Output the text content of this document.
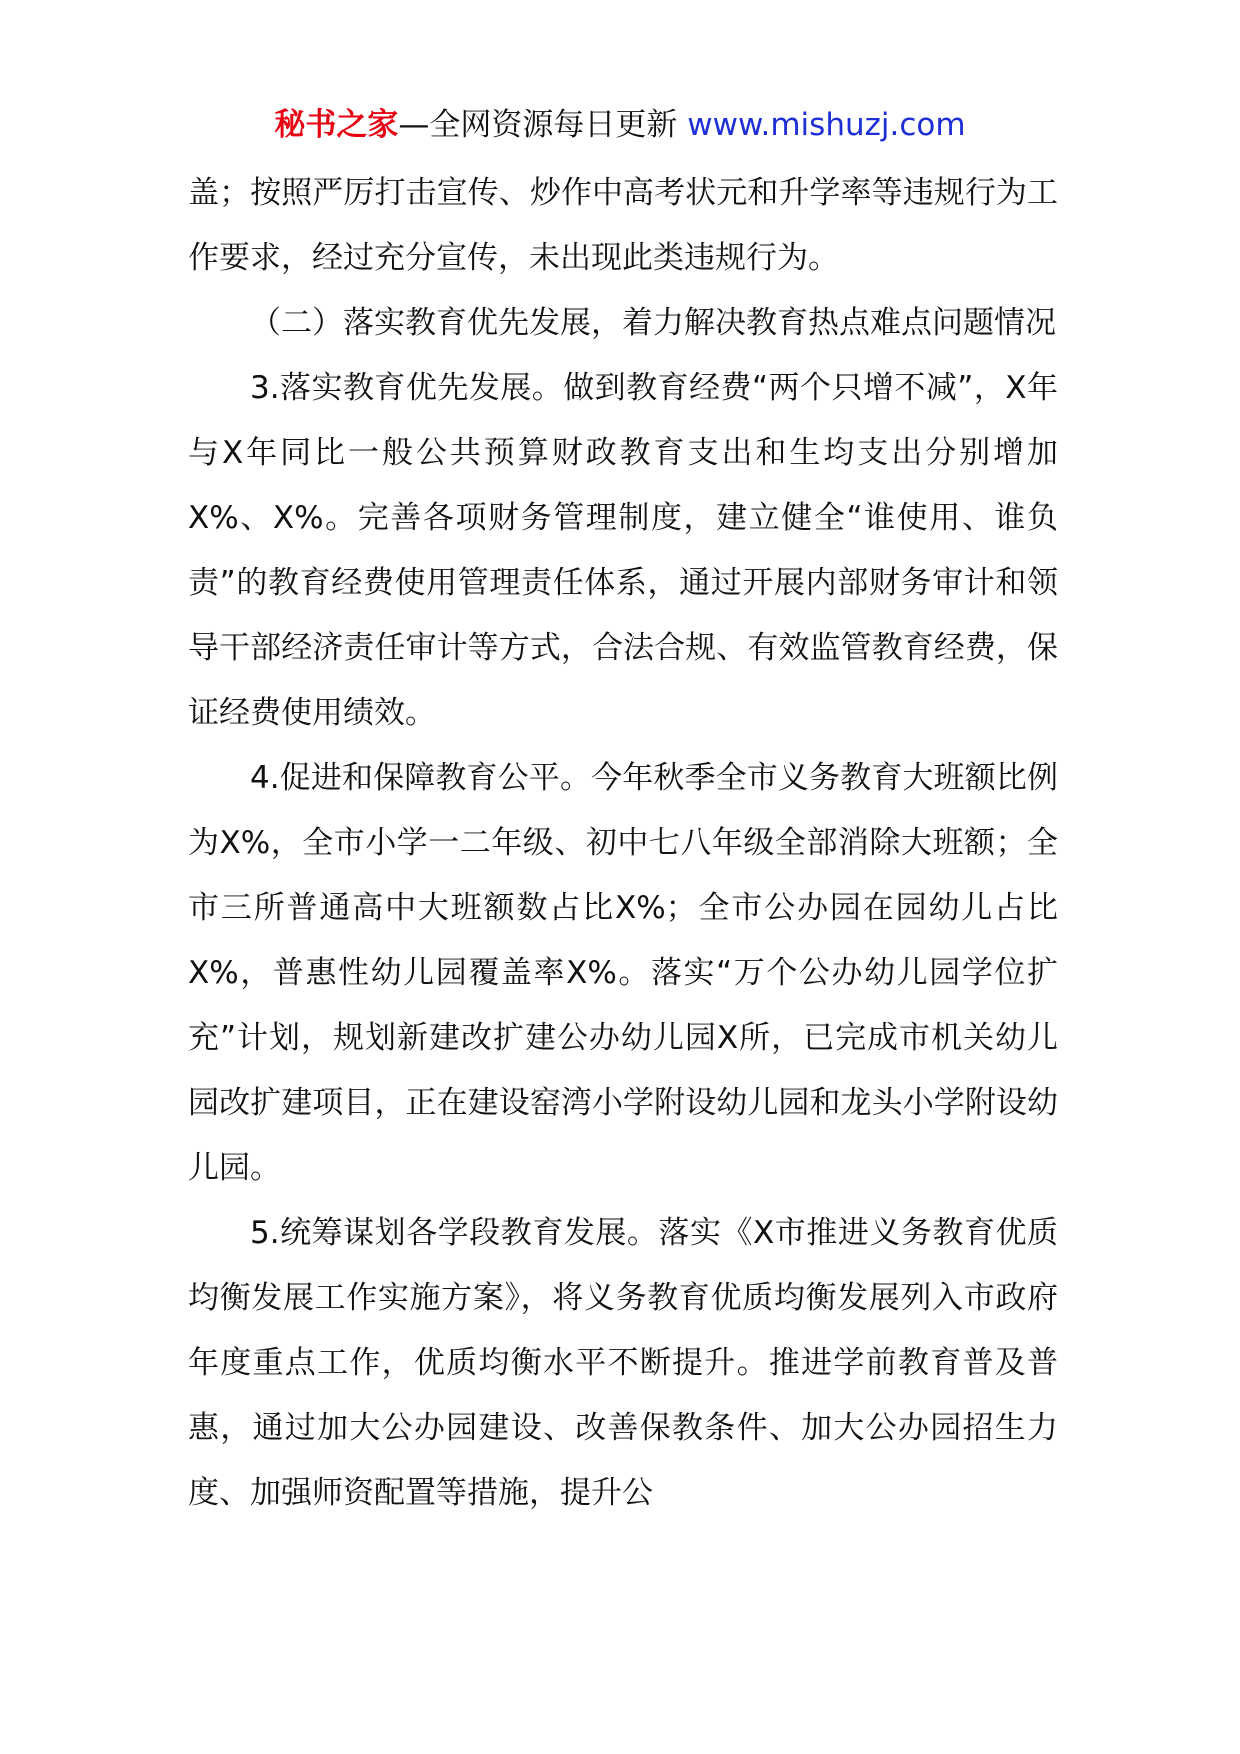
秘书之家—全网资源每日更新 www.mishuzj.com

盖；按照严厉打击宣传、炒作中高考状元和升学率等违规行为工作要求，经过充分宣传，未出现此类违规行为。

（二）落实教育优先发展，着力解决教育热点难点问题情况

3.落实教育优先发展。做到教育经费“两个只增不减”，X年与X年同比一般公共预算财政教育支出和生均支出分别增加X%、X%。完善各项财务管理制度，建立健全“谁使用、谁负责”的教育经费使用管理责任体系，通过开展内部财务审计和领导干部经济责任审计等方式，合法合规、有效监管教育经费，保证经费使用绩效。

4.促进和保障教育公平。今年秋季全市义务教育大班额比例为X%，全市小学一二年级、初中七八年级全部消除大班额；全市三所普通高中大班额数占比X%；全市公办园在园幼儿占比X%，普惠性幼儿园覆盖率X%。落实“万个公办幼儿园学位扩充”计划，规划新建改扩建公办幼儿园X所，已完成市机关幼儿园改扩建项目，正在建设窑湾小学附设幼儿园和龙头小学附设幼儿园。

5.统筹谋划各学段教育发展。落实《X市推进义务教育优质均衡发展工作实施方案》，将义务教育优质均衡发展列入市政府年度重点工作，优质均衡水平不断提升。推进学前教育普及普惠，通过加大公办园建设、改善保教条件、加大公办园招生力度、加强师资配置等措施，提升公
